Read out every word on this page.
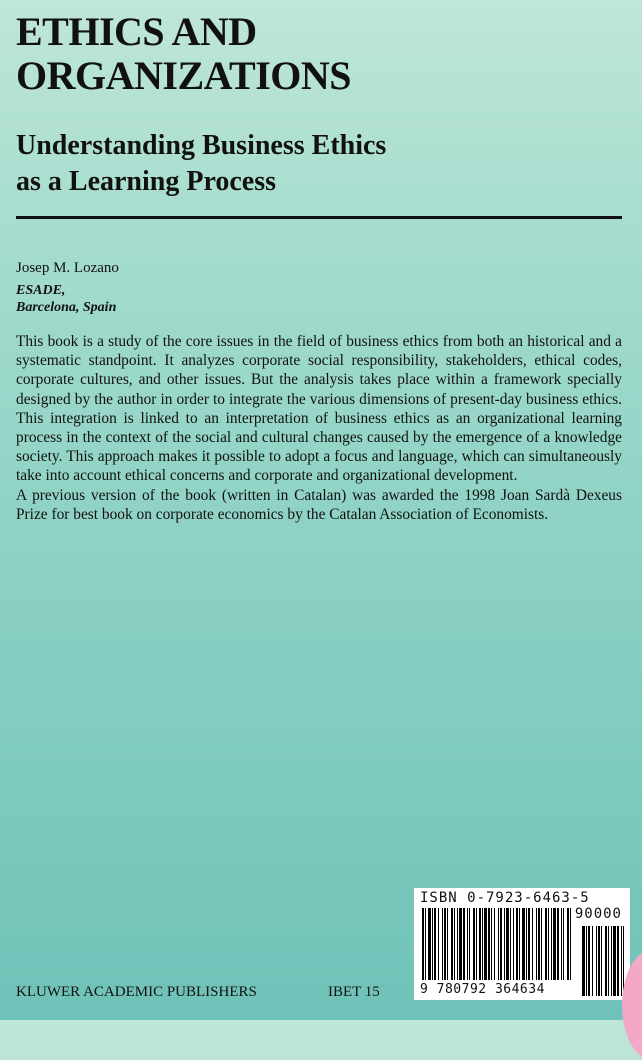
ETHICS AND
ORGANIZATIONS
Understanding Business Ethics
as a Learning Process
Josep M. Lozano
ESADE,
Barcelona, Spain

This book is a study of the core issues in the field of business ethics from both an historical and a systematic standpoint. It analyzes corporate social responsibility, stakeholders, ethical codes, corporate cultures, and other issues. But the analysis takes place within a framework specially designed by the author in order to integrate the various dimensions of present-day business ethics. This integration is linked to an interpretation of business ethics as an organizational learning process in the context of the social and cultural changes caused by the emergence of a knowledge society. This approach makes it possible to adopt a focus and language, which can simultaneously take into account ethical concerns and corporate and organizational development.

A previous version of the book (written in Catalan) was awarded the 1998 Joan Sardà Dexeus Prize for best book on corporate economics by the Catalan Association of Economists.

KLUWER ACADEMIC PUBLISHERS	IBET 15
ISBN 0-7923-6463-5
90000
9 780792 364634
